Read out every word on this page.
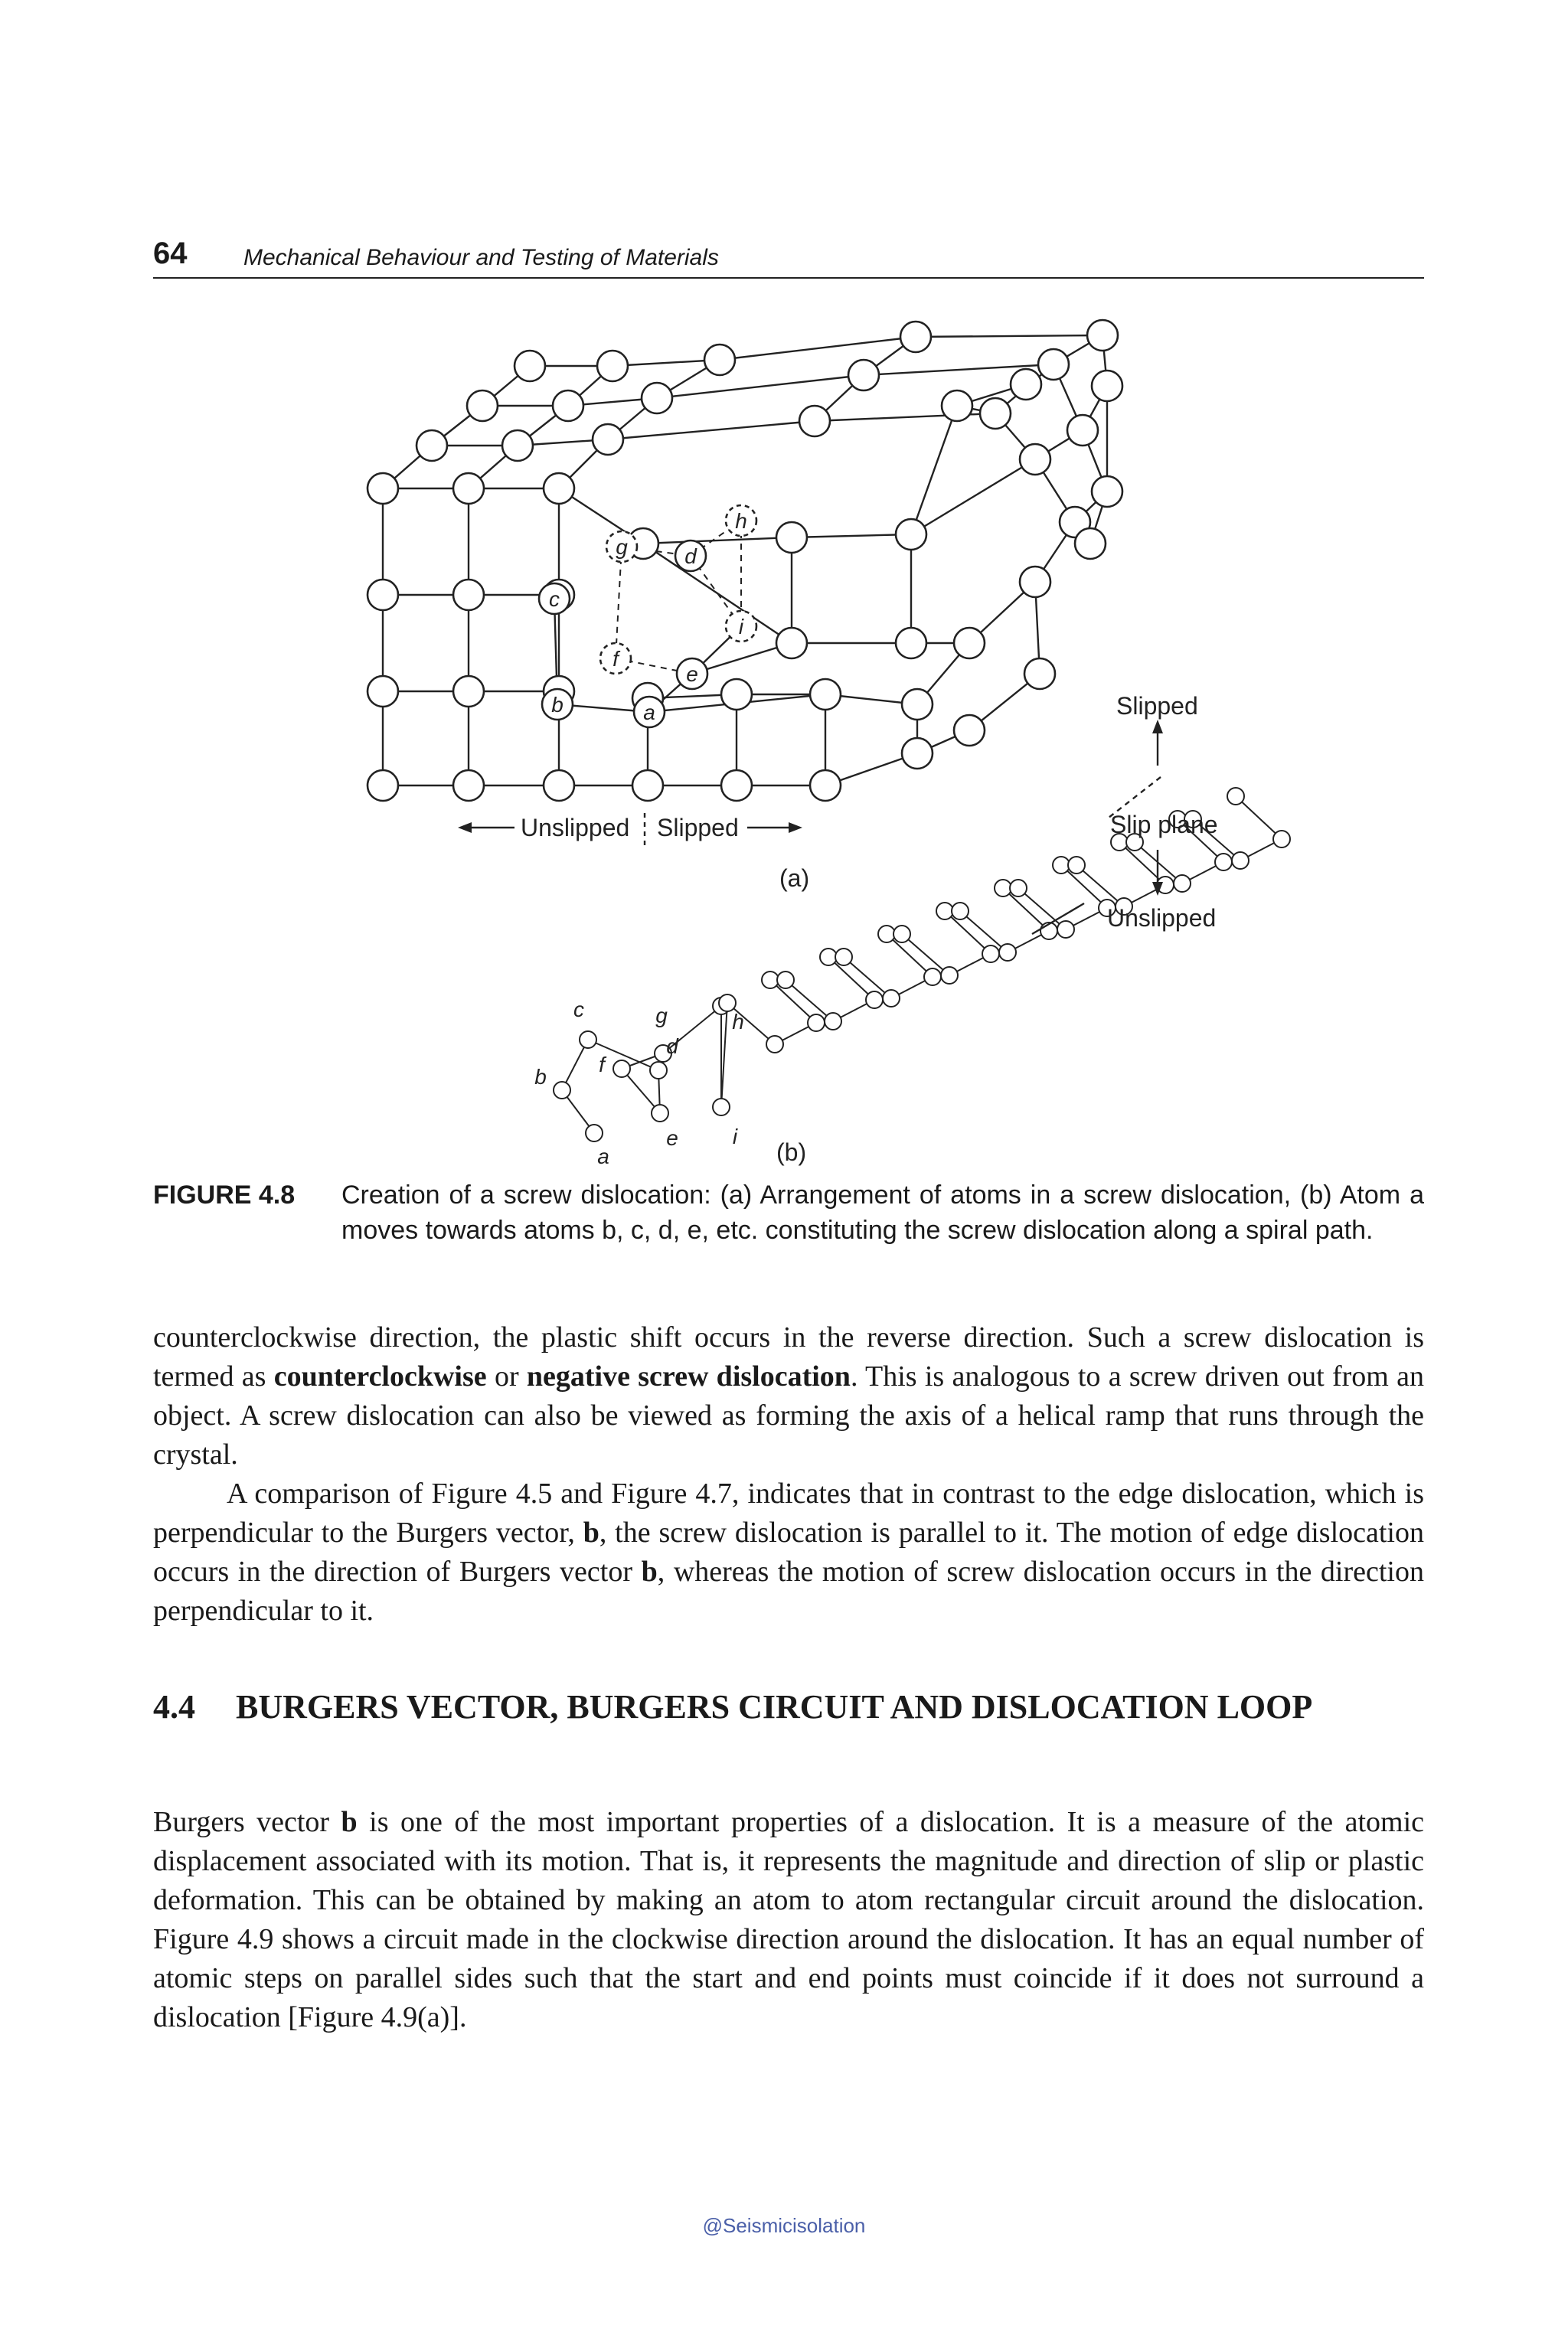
64 Mechanical Behaviour and Testing of Materials
Slipped
Slip plane
Unslipped
Unslipped Slipped
(a)
(b)
a
b
c
d
e
f
g
h
i
a
b
c
d
e
f
g	h
i
FIGURE 4.8 Creation of a screw dislocation: (a) Arrangement of atoms in a screw dislocation, (b) Atom a moves towards atoms b, c, d, e, etc. constituting the screw dislocation along a spiral path.

counterclockwise direction, the plastic shift occurs in the reverse direction. Such a screw dislocation is termed as counterclockwise or negative screw dislocation. This is analogous to a screw driven out from an object. A screw dislocation can also be viewed as forming the axis of a helical ramp that runs through the crystal.

A comparison of Figure 4.5 and Figure 4.7, indicates that in contrast to the edge dislocation, which is perpendicular to the Burgers vector, b, the screw dislocation is parallel to it. The motion of edge dislocation occurs in the direction of Burgers vector b, whereas the motion of screw dislocation occurs in the direction perpendicular to it.

4.4 BURGERS VECTOR, BURGERS CIRCUIT AND DISLOCATION LOOP

Burgers vector b is one of the most important properties of a dislocation. It is a measure of the atomic displacement associated with its motion. That is, it represents the magnitude and direction of slip or plastic deformation. This can be obtained by making an atom to atom rectangular circuit around the dislocation. Figure 4.9 shows a circuit made in the clockwise direction around the dislocation. It has an equal number of atomic steps on parallel sides such that the start and end points must coincide if it does not surround a dislocation [Figure 4.9(a)].

@Seismicisolation
